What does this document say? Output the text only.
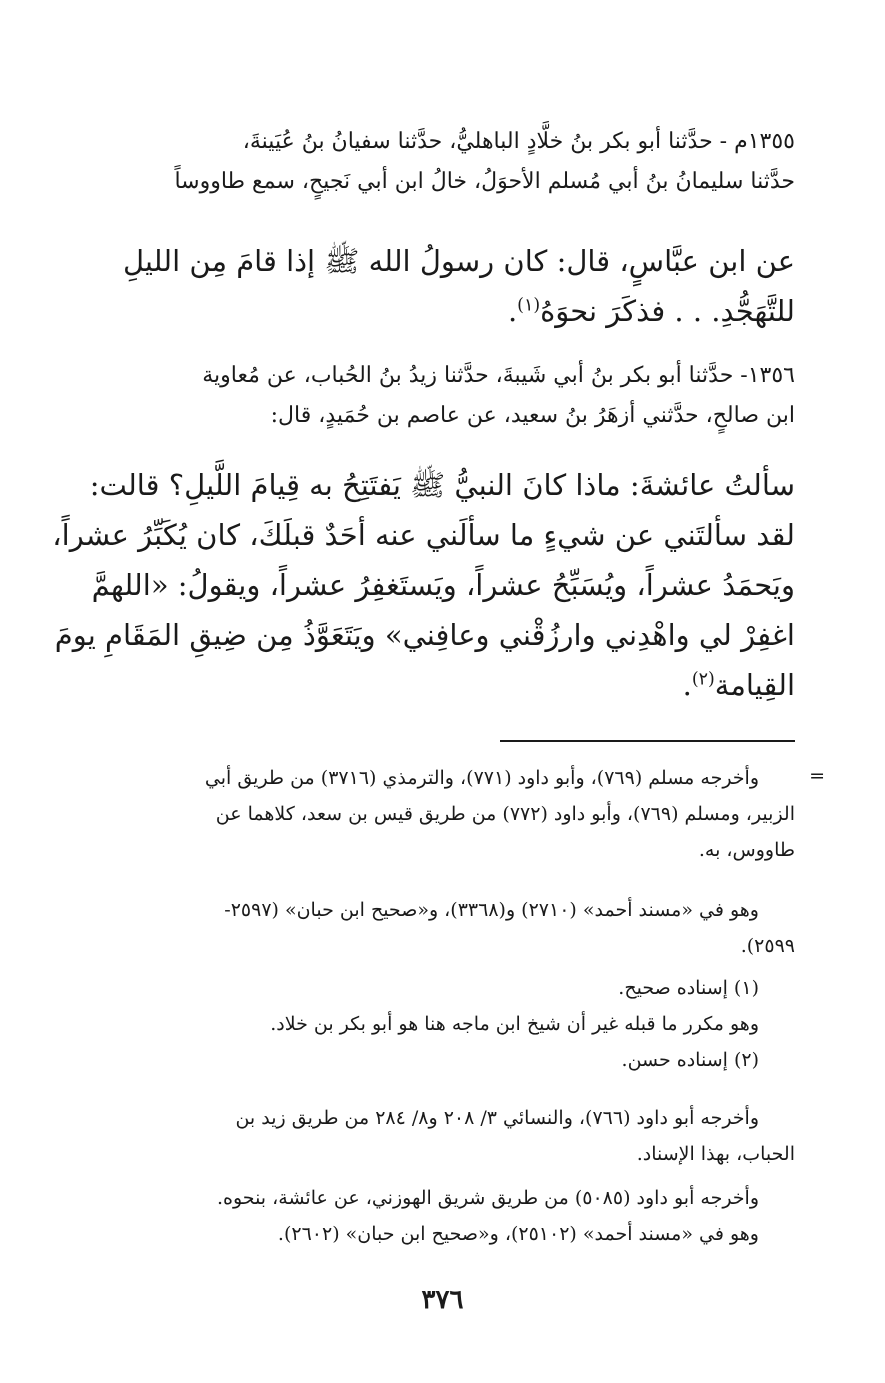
١٣٥٥م - حدَّثنا أبو بكر بنُ خلَّادٍ الباهليُّ، حدَّثنا سفيانُ بنُ عُيَينةَ،
حدَّثنا سليمانُ بنُ أبي مُسلم الأحوَلُ، خالُ ابن أبي نَجيحٍ، سمع طاووساً
عن ابن عبَّاسٍ، قال: كان رسولُ الله ﷺ إذا قامَ مِن الليلِ
للتَّهَجُّدِ. . . فذكَرَ نحوَهُ$^{(١)}$.
١٣٥٦- حدَّثنا أبو بكر بنُ أبي شَيبةَ، حدَّثنا زيدُ بنُ الحُباب، عن مُعاوية
ابن صالحٍ، حدَّثني أزهَرُ بنُ سعيد، عن عاصم بن حُمَيدٍ، قال:
سألتُ عائشةَ: ماذا كانَ النبيُّ ﷺ يَفتَتِحُ به قِيامَ اللَّيلِ؟ قالت:
لقد سألتَني عن شيءٍ ما سألَني عنه أحَدٌ قبلَكَ، كان يُكَبِّرُ عشراً،
ويَحمَدُ عشراً، ويُسَبِّحُ عشراً، ويَستَغفِرُ عشراً، ويقولُ: «اللهمَّ
اغفِرْ لي واهْدِني وارزُقْني وعافِني» ويَتَعَوَّذُ مِن ضِيقِ المَقَامِ يومَ
القِيامة$^{(٢)}$.
=
وأخرجه مسلم (٧٦٩)، وأبو داود (٧٧١)، والترمذي (٣٧١٦) من طريق أبي
الزبير، ومسلم (٧٦٩)، وأبو داود (٧٧٢) من طريق قيس بن سعد، كلاهما عن
طاووس، به.
وهو في «مسند أحمد» (٢٧١٠) و(٣٣٦٨)، و«صحيح ابن حبان» (٢٥٩٧-
٢٥٩٩).
(١) إسناده صحيح.
وهو مكرر ما قبله غير أن شيخ ابن ماجه هنا هو أبو بكر بن خلاد.
(٢) إسناده حسن.
وأخرجه أبو داود (٧٦٦)، والنسائي ٣/ ٢٠٨ و٨/ ٢٨٤ من طريق زيد بن
الحباب، بهذا الإسناد.
وأخرجه أبو داود (٥٠٨٥) من طريق شريق الهوزني، عن عائشة، بنحوه.
وهو في «مسند أحمد» (٢٥١٠٢)، و«صحيح ابن حبان» (٢٦٠٢).
٣٧٦
